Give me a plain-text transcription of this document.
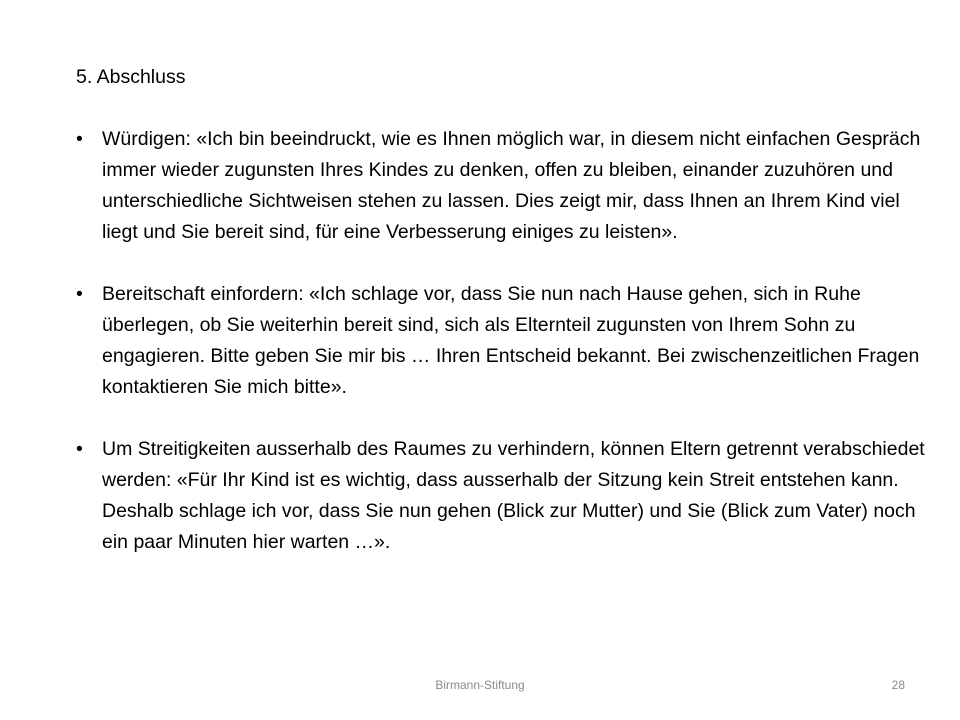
5. Abschluss
• Würdigen: «Ich bin beeindruckt, wie es Ihnen möglich war, in diesem nicht einfachen Gespräch immer wieder zugunsten Ihres Kindes zu denken, offen zu bleiben, einander zuzuhören und unterschiedliche Sichtweisen stehen zu lassen. Dies zeigt mir, dass Ihnen an Ihrem Kind viel liegt und Sie bereit sind, für eine Verbesserung einiges zu leisten».
• Bereitschaft einfordern: «Ich schlage vor, dass Sie nun nach Hause gehen, sich in Ruhe überlegen, ob Sie weiterhin bereit sind, sich als Elternteil zugunsten von Ihrem Sohn zu engagieren. Bitte geben Sie mir bis … Ihren Entscheid bekannt. Bei zwischenzeitlichen Fragen kontaktieren Sie mich bitte».
• Um Streitigkeiten ausserhalb des Raumes zu verhindern, können Eltern getrennt verabschiedet werden: «Für Ihr Kind ist es wichtig, dass ausserhalb der Sitzung kein Streit entstehen kann. Deshalb schlage ich vor, dass Sie nun gehen (Blick zur Mutter) und Sie (Blick zum Vater) noch ein paar Minuten hier warten …».
Birmann-Stiftung	28
